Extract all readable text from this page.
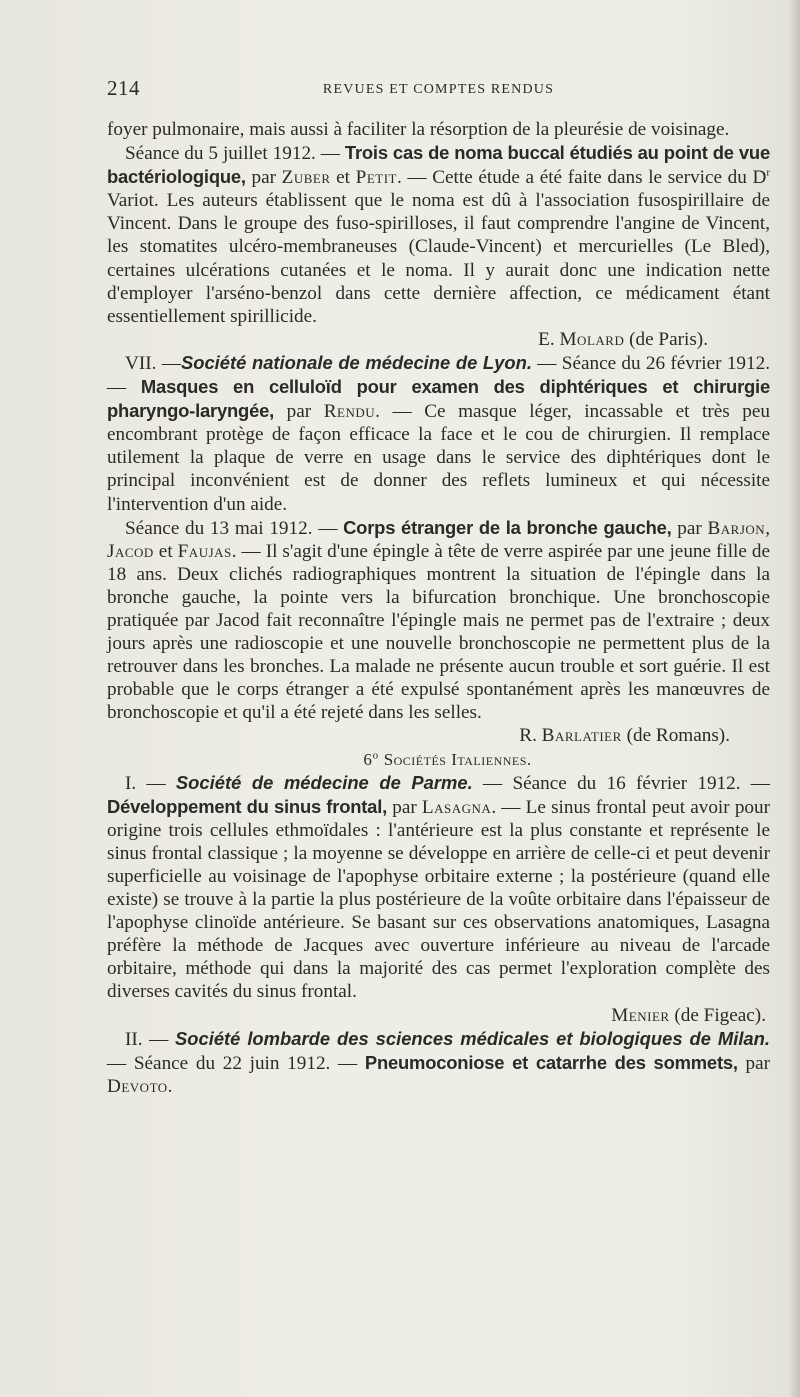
214	REVUES ET COMPTES RENDUS

foyer pulmonaire, mais aussi à faciliter la résorption de la pleurésie de voisinage.

Séance du 5 juillet 1912. — Trois cas de noma buccal étudiés au point de vue bactériologique, par Zuber et Petit. — Cette étude a été faite dans le service du $D^r$ Variot. Les auteurs établissent que le noma est dû à l'association fusospirillaire de Vincent. Dans le groupe des fuso-spirilloses, il faut comprendre l'angine de Vincent, les stomatites ulcéro-membraneuses (Claude-Vincent) et mercurielles (Le Bled), certaines ulcérations cutanées et le noma. Il y aurait donc une indication nette d'employer l'arséno-benzol dans cette dernière affection, ce médicament étant essentiellement spirillicide.

E. Molard (de Paris).

VII. —Société nationale de médecine de Lyon. — Séance du 26 février 1912. — Masques en celluloïd pour examen des diphtériques et chirurgie pharyngo-laryngée, par Rendu. — Ce masque léger, incassable et très peu encombrant protège de façon efficace la face et le cou de chirurgien. Il remplace utilement la plaque de verre en usage dans le service des diphtériques dont le principal inconvénient est de donner des reflets lumineux et qui nécessite l'intervention d'un aide.

Séance du 13 mai 1912. — Corps étranger de la bronche gauche, par Barjon, Jacod et Faujas. — Il s'agit d'une épingle à tête de verre aspirée par une jeune fille de 18 ans. Deux clichés radiographiques montrent la situation de l'épingle dans la bronche gauche, la pointe vers la bifurcation bronchique. Une bronchoscopie pratiquée par Jacod fait reconnaître l'épingle mais ne permet pas de l'extraire ; deux jours après une radioscopie et une nouvelle bronchoscopie ne permettent plus de la retrouver dans les bronches. La malade ne présente aucun trouble et sort guérie. Il est probable que le corps étranger a été expulsé spontanément après les manœuvres de bronchoscopie et qu'il a été rejeté dans les selles.

R. Barlatier (de Romans).

6$^o$ Sociétés Italiennes.

I. — Société de médecine de Parme. — Séance du 16 février 1912. — Développement du sinus frontal, par Lasagna. — Le sinus frontal peut avoir pour origine trois cellules ethmoïdales : l'antérieure est la plus constante et représente le sinus frontal classique ; la moyenne se développe en arrière de celle-ci et peut devenir superficielle au voisinage de l'apophyse orbitaire externe ; la postérieure (quand elle existe) se trouve à la partie la plus postérieure de la voûte orbitaire dans l'épaisseur de l'apophyse clinoïde antérieure. Se basant sur ces observations anatomiques, Lasagna préfère la méthode de Jacques avec ouverture inférieure au niveau de l'arcade orbitaire, méthode qui dans la majorité des cas permet l'exploration complète des diverses cavités du sinus frontal.

Menier (de Figeac).

II. — Société lombarde des sciences médicales et biologiques de Milan. — Séance du 22 juin 1912. — Pneumoconiose et catarrhe des sommets, par Devoto.
